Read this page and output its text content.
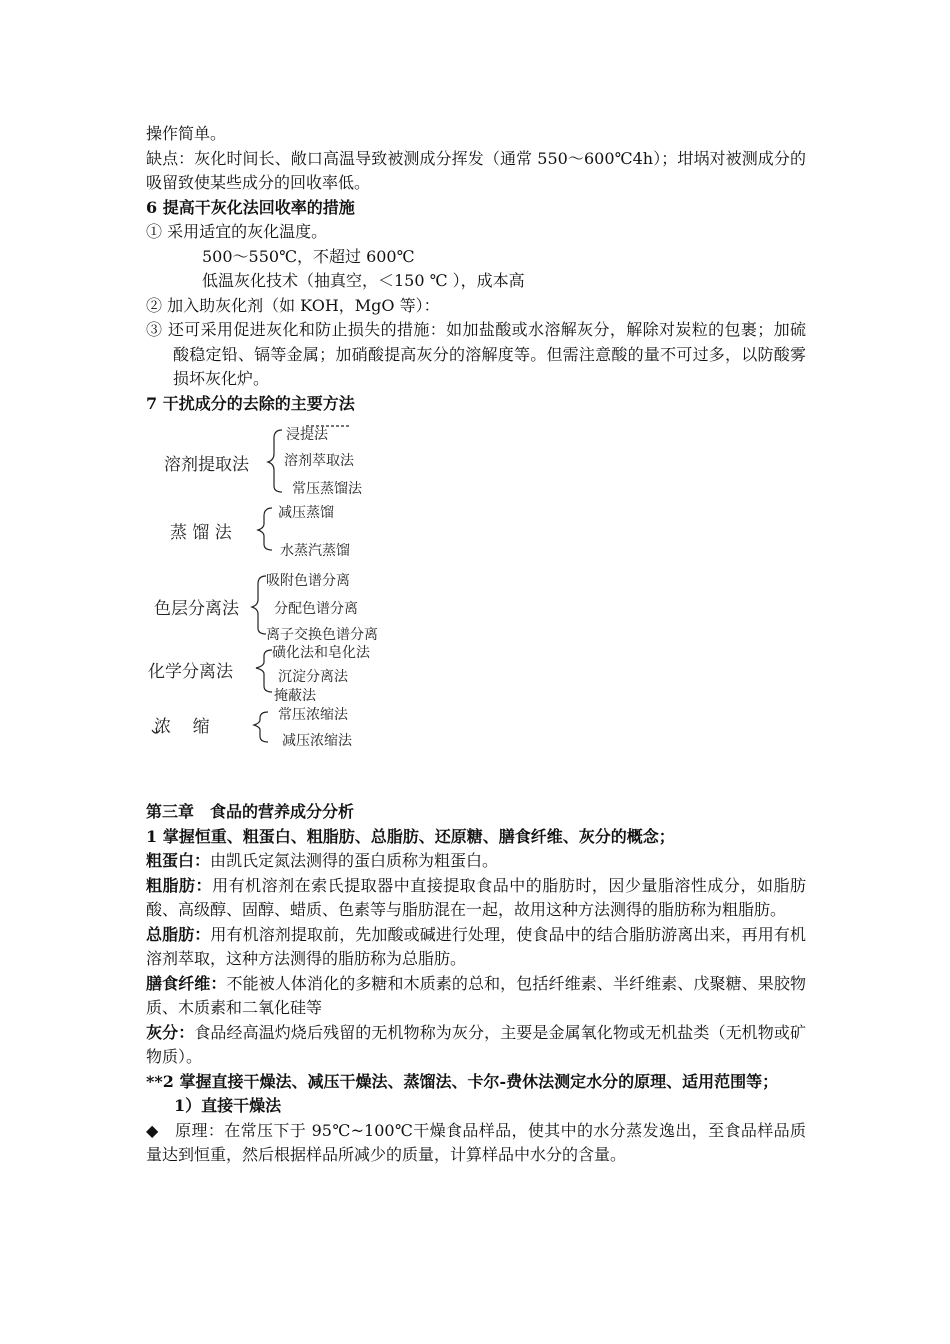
操作简单。

缺点：灰化时间长、敞口高温导致被测成分挥发（通常 550～600℃4h）；坩埚对被测成分的吸留致使某些成分的回收率低。

6 提高干灰化法回收率的措施

① 采用适宜的灰化温度。

500～550℃，不超过 600℃

低温灰化技术（抽真空，＜150 ℃ ），成本高

② 加入助灰化剂（如 KOH，MgO 等）：

③ 还可采用促进灰化和防止损失的措施：如加盐酸或水溶解灰分，解除对炭粒的包裹；加硫酸稳定铅、镉等金属；加硝酸提高灰分的溶解度等。但需注意酸的量不可过多，以防酸雾损坏灰化炉。

7 干扰成分的去除的主要方法

溶剂提取法
浸提法
溶剂萃取法
常压蒸馏法
蒸 馏 法
减压蒸馏
水蒸汽蒸馏
色层分离法
吸附色谱分离
分配色谱分离
离子交换色谱分离
化学分离法
磺化法和皂化法
沉淀分离法
掩蔽法
浓    缩
常压浓缩法
减压浓缩法

第三章　食品的营养成分分析

1 掌握恒重、粗蛋白、粗脂肪、总脂肪、还原糖、膳食纤维、灰分的概念；

粗蛋白：由凯氏定氮法测得的蛋白质称为粗蛋白。

粗脂肪：用有机溶剂在索氏提取器中直接提取食品中的脂肪时，因少量脂溶性成分，如脂肪酸、高级醇、固醇、蜡质、色素等与脂肪混在一起，故用这种方法测得的脂肪称为粗脂肪。

总脂肪：用有机溶剂提取前，先加酸或碱进行处理，使食品中的结合脂肪游离出来，再用有机溶剂萃取，这种方法测得的脂肪称为总脂肪。

膳食纤维：不能被人体消化的多糖和木质素的总和，包括纤维素、半纤维素、戊聚糖、果胶物质、木质素和二氧化硅等

灰分：食品经高温灼烧后残留的无机物称为灰分，主要是金属氧化物或无机盐类（无机物或矿物质）。

**2 掌握直接干燥法、减压干燥法、蒸馏法、卡尔-费休法测定水分的原理、适用范围等；

1）直接干燥法

◆　原理：在常压下于 95℃~100℃干燥食品样品，使其中的水分蒸发逸出，至食品样品质量达到恒重，然后根据样品所减少的质量，计算样品中水分的含量。
